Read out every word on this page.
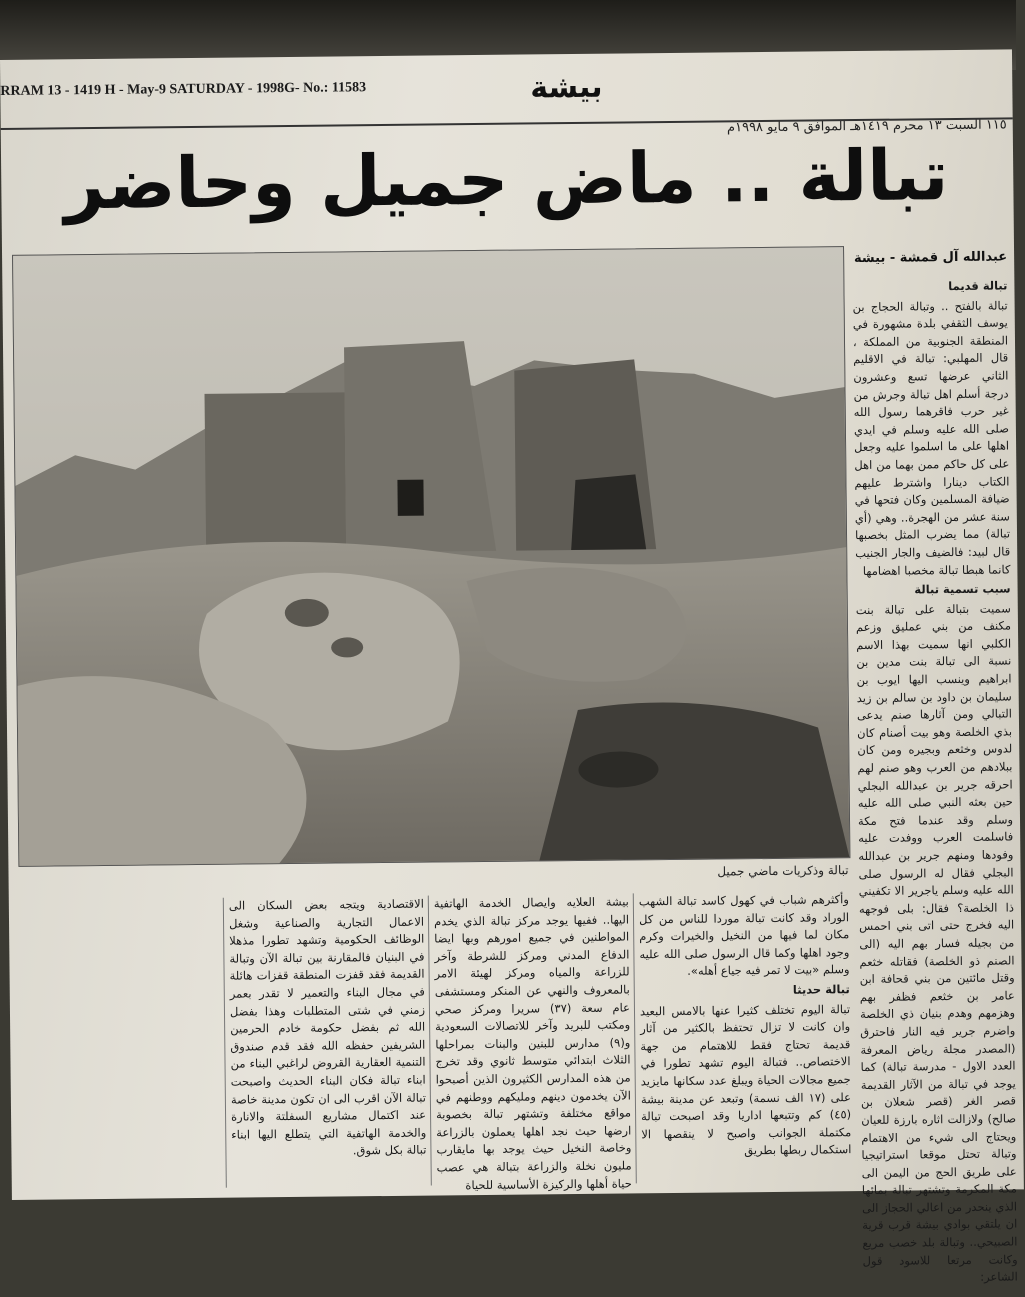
RRAM 13 - 1419 H - May-9 SATURDAY - 1998G- No.: 11583	بيشة
١١٥ السبت ١٣ محرم ١٤١٩هـ الموافق ٩ مايو ١٩٩٨م
تبالة .. ماض جميل وحاضر
تبالة وذكريات ماضي جميل
عبدالله آل قمشة - بيشة

تبالة قديما

تبالة بالفتح .. وتبالة الحجاج بن يوسف الثقفي بلدة مشهورة في المنطقة الجنوبية من المملكة ، قال المهلبي: تبالة في الاقليم الثاني عرضها تسع وعشرون درجة أسلم اهل تبالة وجرش من غير حرب فاقرهما رسول الله صلى الله عليه وسلم في ايدي اهلها على ما اسلموا عليه وجعل على كل حاكم ممن بهما من اهل الكتاب دينارا واشترط عليهم ضيافة المسلمين وكان فتحها في سنة عشر من الهجرة.. وهي (أي تبالة) مما يضرب المثل بخصبها قال لبيد: فالضيف والجار الجنيب كانما هبطا تبالة مخصبا اهضامها

سبب تسمية تبالة

سميت بتبالة على تبالة بنت مكنف من بني عمليق وزعم الكلبي انها سميت بهذا الاسم نسبة الى تبالة بنت مدين بن ابراهيم وينسب اليها ايوب بن سليمان بن داود بن سالم بن زيد التبالي ومن آثارها صنم يدعى بذي الخلصة وهو بيت أصنام كان لدوس وخثعم وبجيره ومن كان ببلادهم من العرب وهو صنم لهم احرقه جرير بن عبدالله البجلي حين بعثه النبي صلى الله عليه وسلم وقد عندما فتح مكة فاسلمت العرب ووفدت عليه وفودها ومنهم جرير بن عبدالله البجلي فقال له الرسول صلى الله عليه وسلم ياجرير الا تكفيني ذا الخلصة؟ فقال: بلى فوجهه اليه فخرج حتى اتى بني احمس من بجيله فسار بهم اليه (الى الصنم ذو الخلصة) فقاتله خثعم وقتل مائتين من بني قحافة ابن عامر بن خثعم فظفر بهم وهزمهم وهدم بنيان ذي الخلصة واضرم جرير فيه النار فاحترق (المصدر مجلة رياض المعرفة العدد الاول - مدرسة تبالة) كما يوجد في تبالة من الآثار القديمة قصر الغر (قصر شعلان بن صالح) ولازالت اثاره بارزة للعيان ويحتاج الى شيء من الاهتمام وتبالة تحتل موقعا استراتيجيا على طريق الحج من اليمن الى مكة المكرمة وتشتهر تبالة بمائها الذي ينحدر من اعالي الحجاز الى ان يلتقي بوادي بيشة قرب قرية الصبيحي.. وتبالة بلد خصب مريع وكانت مرتعا للاسود قول الشاعر:

وأكثرهم شباب في كهول كاسد تبالة الشهب الوراد وقد كانت تبالة موردا للناس من كل مكان لما فيها من النخيل والخيرات وكرم وجود اهلها وكما قال الرسول صلى الله عليه وسلم «بيت لا تمر فيه جياع أهله».

تبالة حديثا

تبالة اليوم تختلف كثيرا عنها بالامس البعيد وان كانت لا تزال تحتفظ بالكثير من آثار قديمة تحتاج فقط للاهتمام من جهة الاختصاص.. فتبالة اليوم تشهد تطورا في جميع مجالات الحياة ويبلغ عدد سكانها مايزيد على (١٧ الف نسمة) وتبعد عن مدينة بيشة (٤٥) كم وتتبعها اداريا وقد اصبحت تبالة مكتملة الجوانب واصبح لا ينقصها الا استكمال ربطها بطريق

بيشة العلايه وايصال الخدمة الهاتفية اليها.. ففيها يوجد مركز تبالة الذي يخدم المواطنين في جميع امورهم وبها ايضا الدفاع المدني ومركز للشرطة وآخر للزراعة والمياه ومركز لهيئة الامر بالمعروف والنهي عن المنكر ومستشفى عام سعة (٣٧) سريرا ومركز صحي ومكتب للبريد وآخر للاتصالات السعودية و(٩) مدارس للبنين والبنات بمراحلها الثلاث ابتدائي متوسط ثانوي وقد تخرج من هذه المدارس الكثيرون الذين أصبحوا الآن يخدمون دينهم ومليكهم ووطنهم في مواقع مختلفة وتشتهر تبالة بخصوبة ارضها حيث نجد اهلها يعملون بالزراعة وخاصة النخيل حيث يوجد بها مايقارب مليون نخلة والزراعة بتبالة هي عصب حياة أهلها والركيزة الأساسية للحياة

الاقتصادية ويتجه بعض السكان الى الاعمال التجارية والصناعية وشغل الوظائف الحكومية وتشهد تطورا مذهلا في البنيان فالمقارنة بين تبالة الآن وتبالة القديمة فقد قفزت المنطقة قفزات هائلة في مجال البناء والتعمير لا تقدر بعمر زمني في شتى المتطلبات وهذا بفضل الله ثم بفضل حكومة خادم الحرمين الشريفين حفظه الله فقد قدم صندوق التنمية العقارية القروض لراغبي البناء من ابناء تبالة فكان البناء الحديث واصبحت تبالة الآن اقرب الى ان تكون مدينة خاصة عند اكتمال مشاريع السفلتة والانارة والخدمة الهاتفية التي يتطلع اليها ابناء تبالة بكل شوق.
